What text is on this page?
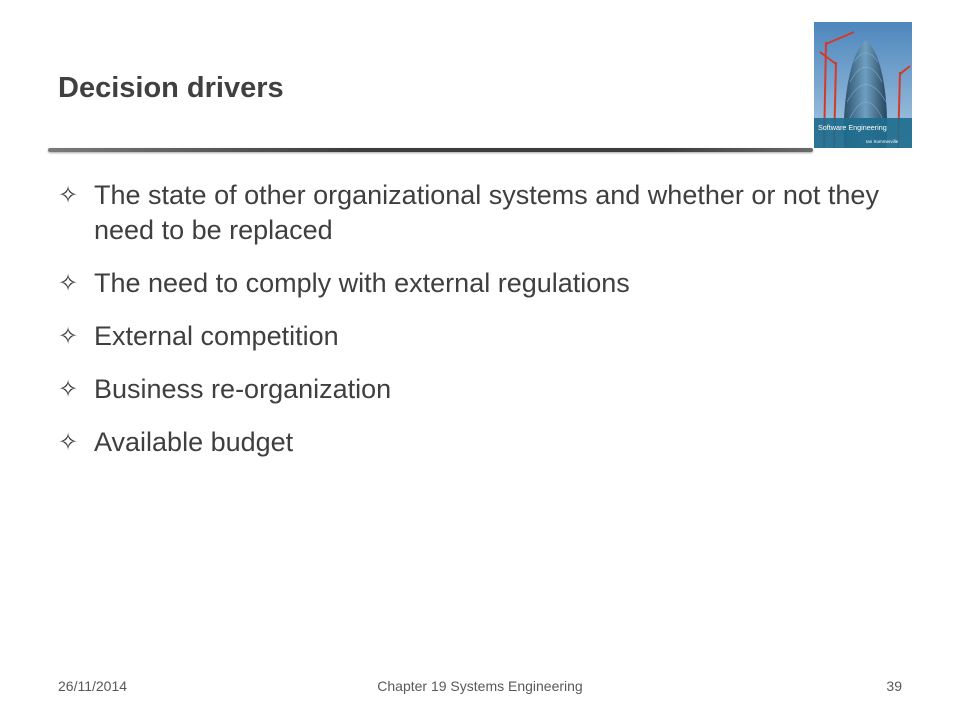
Decision drivers
Software Engineering
Ian Sommerville
✧ The state of other organizational systems and whether or not they need to be replaced
✧ The need to comply with external regulations
✧ External competition
✧ Business re-organization
✧ Available budget
26/11/2014	Chapter 19 Systems Engineering	39
